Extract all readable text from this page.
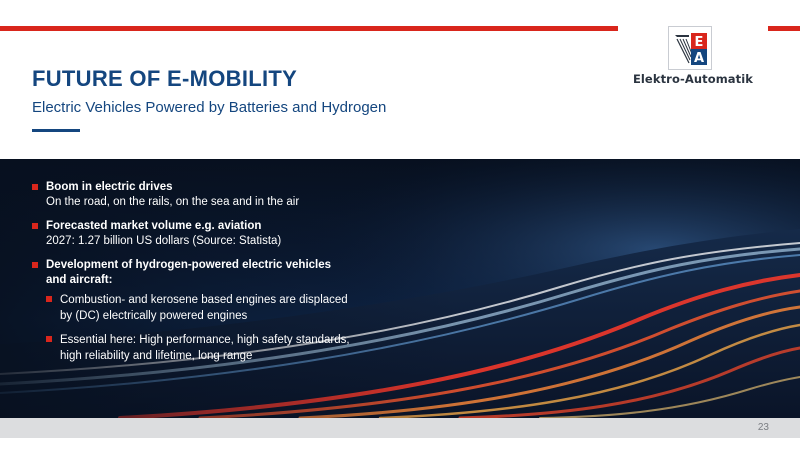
E
A
Elektro-Automatik
FUTURE OF E-MOBILITY

Electric Vehicles Powered by Batteries and Hydrogen

Boom in electric drives
On the road, on the rails, on the sea and in the air
Forecasted market volume e.g. aviation
2027: 1.27 billion US dollars (Source: Statista)
Development of hydrogen-powered electric vehicles and aircraft:
Combustion- and kerosene based engines are displaced by (DC) electrically powered engines
Essential here: High performance, high safety standards, high reliability and lifetime, long range
23
